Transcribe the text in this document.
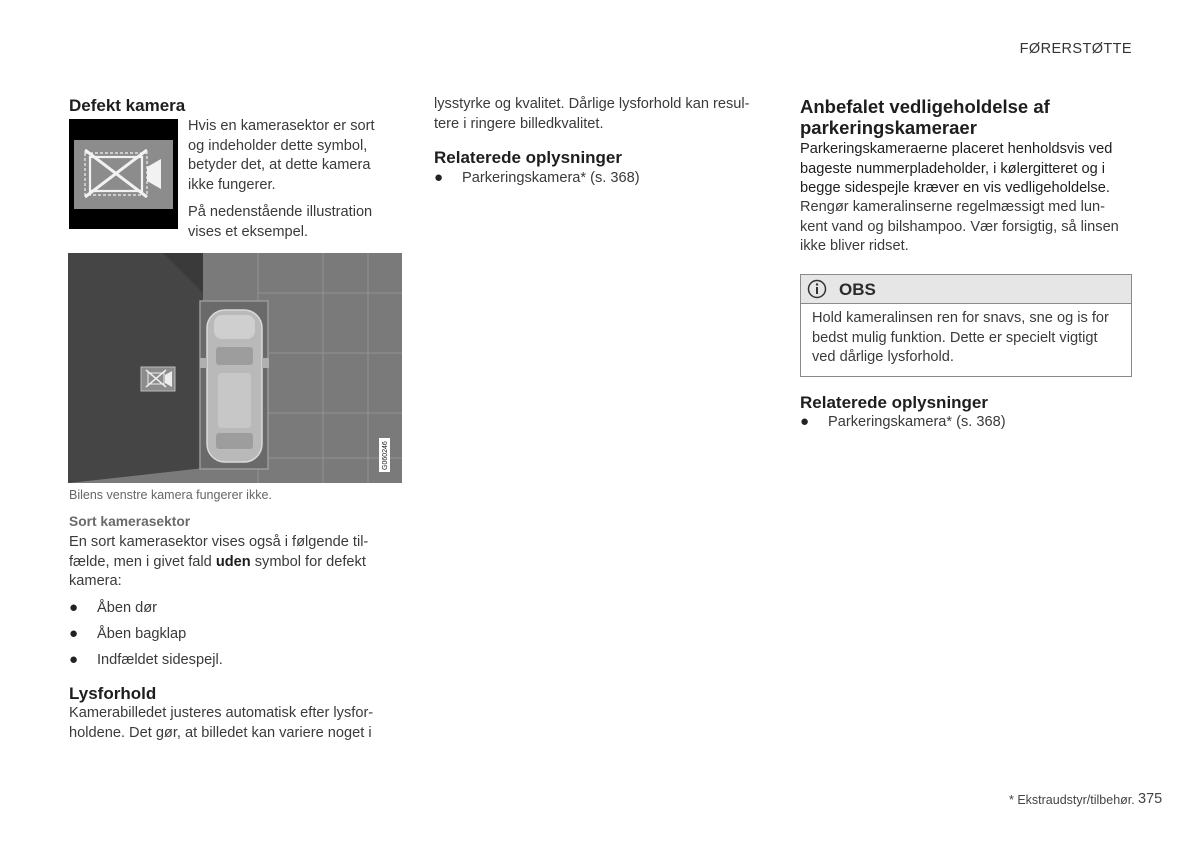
FØRERSTØTTE
Defekt kamera
Hvis en kamerasektor er sort
og indeholder dette symbol,
betyder det, at dette kamera
ikke fungerer.
På nedenstående illustration
vises et eksempel.
G060246
Bilens venstre kamera fungerer ikke.
Sort kamerasektor
En sort kamerasektor vises også i følgende til-
fælde, men i givet fald uden symbol for defekt
kamera:
● Åben dør
● Åben bagklap
● Indfældet sidespejl.
Lysforhold
Kamerabilledet justeres automatisk efter lysfor-
holdene. Det gør, at billedet kan variere noget i
lysstyrke og kvalitet. Dårlige lysforhold kan resul-
tere i ringere billedkvalitet.
Relaterede oplysninger
● Parkeringskamera* (s. 368)
Anbefalet vedligeholdelse af
parkeringskameraer
Parkeringskameraerne placeret henholdsvis ved
bageste nummerpladeholder, i kølergitteret og i
begge sidespejle kræver en vis vedligeholdelse.
Rengør kameralinserne regelmæssigt med lun-
kent vand og bilshampoo. Vær forsigtig, så linsen
ikke bliver ridset.
OBS
Hold kameralinsen ren for snavs, sne og is for
bedst mulig funktion. Dette er specielt vigtigt
ved dårlige lysforhold.
Relaterede oplysninger
● Parkeringskamera* (s. 368)
* Ekstraudstyr/tilbehør. 375
